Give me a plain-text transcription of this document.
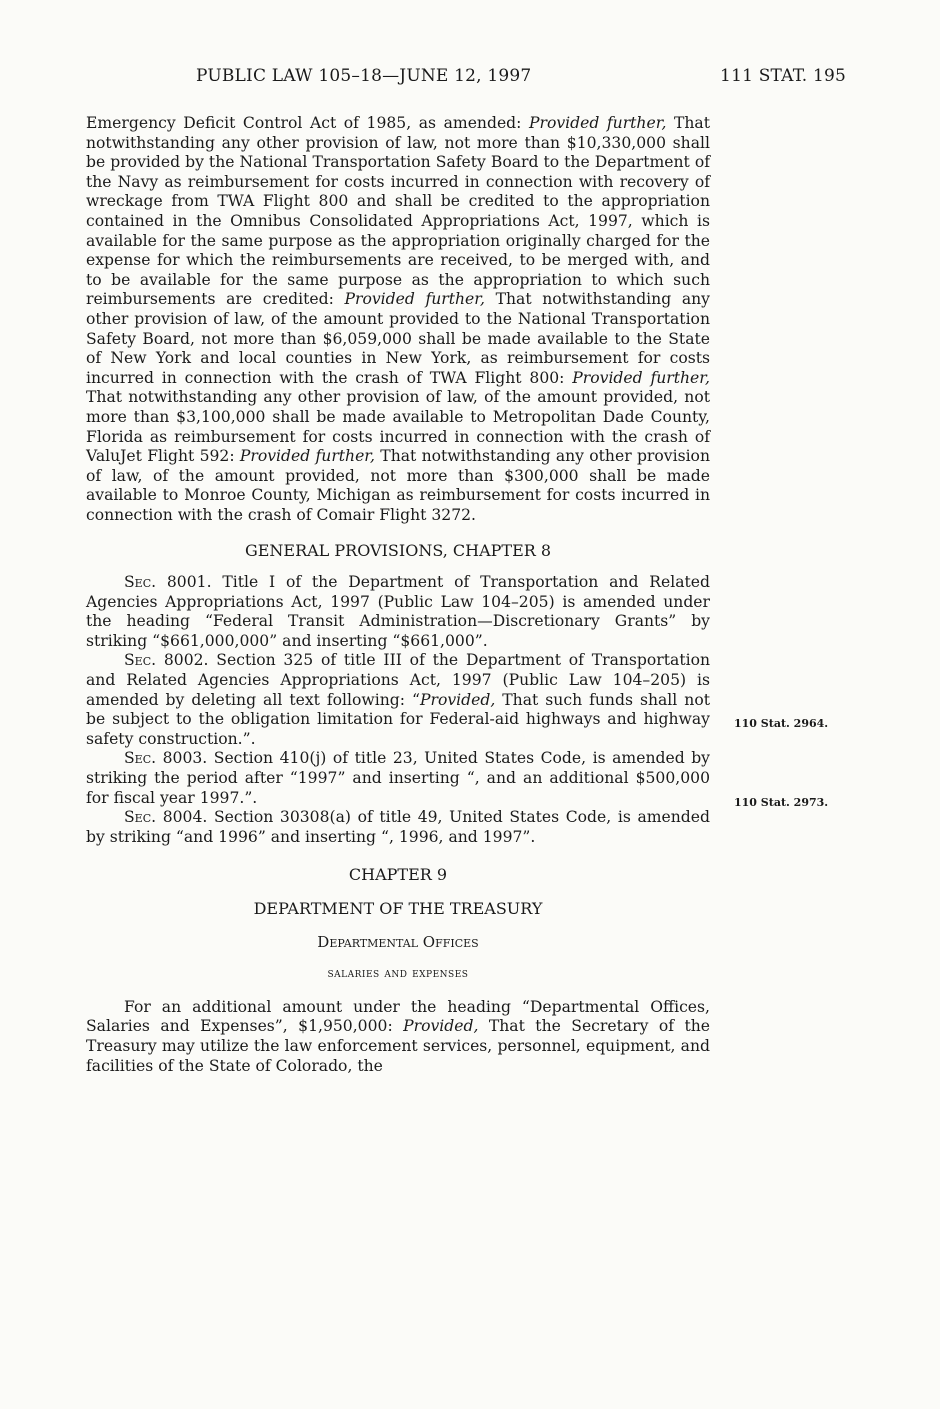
PUBLIC LAW 105–18—JUNE 12, 1997	111 STAT. 195

Emergency Deficit Control Act of 1985, as amended: Provided further, That notwithstanding any other provision of law, not more than $10,330,000 shall be provided by the National Transportation Safety Board to the Department of the Navy as reimbursement for costs incurred in connection with recovery of wreckage from TWA Flight 800 and shall be credited to the appropriation contained in the Omnibus Consolidated Appropriations Act, 1997, which is available for the same purpose as the appropriation originally charged for the expense for which the reimbursements are received, to be merged with, and to be available for the same purpose as the appropriation to which such reimbursements are credited: Provided further, That notwithstanding any other provision of law, of the amount provided to the National Transportation Safety Board, not more than $6,059,000 shall be made available to the State of New York and local counties in New York, as reimbursement for costs incurred in connection with the crash of TWA Flight 800: Provided further, That notwithstanding any other provision of law, of the amount provided, not more than $3,100,000 shall be made available to Metropolitan Dade County, Florida as reimbursement for costs incurred in connection with the crash of ValuJet Flight 592: Provided further, That notwithstanding any other provision of law, of the amount provided, not more than $300,000 shall be made available to Monroe County, Michigan as reimbursement for costs incurred in connection with the crash of Comair Flight 3272.

GENERAL PROVISIONS, CHAPTER 8

Sec. 8001. Title I of the Department of Transportation and Related Agencies Appropriations Act, 1997 (Public Law 104–205) is amended under the heading “Federal Transit Administration—Discretionary Grants” by striking “$661,000,000” and inserting “$661,000”.

Sec. 8002. Section 325 of title III of the Department of Transportation and Related Agencies Appropriations Act, 1997 (Public Law 104–205) is amended by deleting all text following: “Provided, That such funds shall not be subject to the obligation limitation for Federal-aid highways and highway safety construction.”.

Sec. 8003. Section 410(j) of title 23, United States Code, is amended by striking the period after “1997” and inserting “, and an additional $500,000 for fiscal year 1997.”.

Sec. 8004. Section 30308(a) of title 49, United States Code, is amended by striking “and 1996” and inserting “, 1996, and 1997”.

CHAPTER 9

DEPARTMENT OF THE TREASURY

Departmental Offices

salaries and expenses

For an additional amount under the heading “Departmental Offices, Salaries and Expenses”, $1,950,000: Provided, That the Secretary of the Treasury may utilize the law enforcement services, personnel, equipment, and facilities of the State of Colorado, the

110 Stat. 2964.
110 Stat. 2973.
